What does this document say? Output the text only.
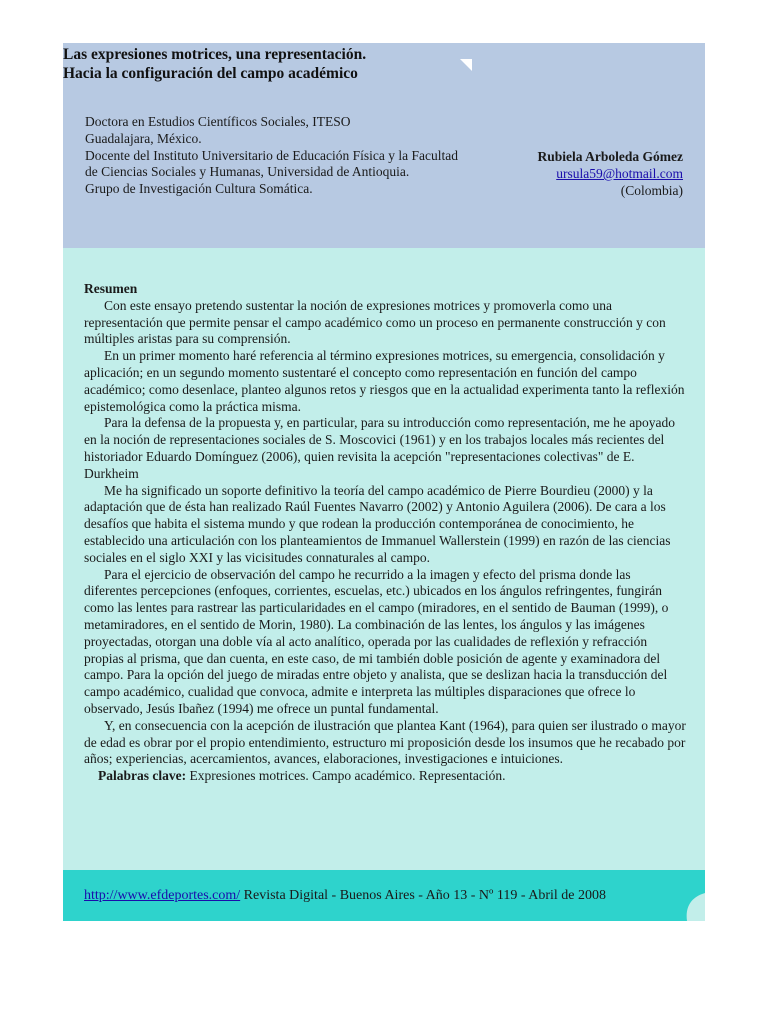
Las expresiones motrices, una representación.
Hacia la configuración del campo académico
Doctora en Estudios Científicos Sociales, ITESO
Guadalajara, México.
Docente del Instituto Universitario de Educación Física y la Facultad
de Ciencias Sociales y Humanas, Universidad de Antioquia.
Grupo de Investigación Cultura Somática.
Rubiela Arboleda Gómez
ursula59@hotmail.com
(Colombia)
Resumen

Con este ensayo pretendo sustentar la noción de expresiones motrices y promoverla como una representación que permite pensar el campo académico como un proceso en permanente construcción y con múltiples aristas para su comprensión.

En un primer momento haré referencia al término expresiones motrices, su emergencia, consolidación y aplicación; en un segundo momento sustentaré el concepto como representación en función del campo académico; como desenlace, planteo algunos retos y riesgos que en la actualidad experimenta tanto la reflexión epistemológica como la práctica misma.

Para la defensa de la propuesta y, en particular, para su introducción como representación, me he apoyado en la noción de representaciones sociales de S. Moscovici (1961) y en los trabajos locales más recientes del historiador Eduardo Domínguez (2006), quien revisita la acepción "representaciones colectivas" de E. Durkheim

Me ha significado un soporte definitivo la teoría del campo académico de Pierre Bourdieu (2000) y la adaptación que de ésta han realizado Raúl Fuentes Navarro (2002) y Antonio Aguilera (2006). De cara a los desafíos que habita el sistema mundo y que rodean la producción contemporánea de conocimiento, he establecido una articulación con los planteamientos de Immanuel Wallerstein (1999) en razón de las ciencias sociales en el siglo XXI y las vicisitudes connaturales al campo.

Para el ejercicio de observación del campo he recurrido a la imagen y efecto del prisma donde las diferentes percepciones (enfoques, corrientes, escuelas, etc.) ubicados en los ángulos refringentes, fungirán como las lentes para rastrear las particularidades en el campo (miradores, en el sentido de Bauman (1999), o metamiradores, en el sentido de Morin, 1980). La combinación de las lentes, los ángulos y las imágenes proyectadas, otorgan una doble vía al acto analítico, operada por las cualidades de reflexión y refracción propias al prisma, que dan cuenta, en este caso, de mi también doble posición de agente y examinadora del campo. Para la opción del juego de miradas entre objeto y analista, que se deslizan hacia la transducción del campo académico, cualidad que convoca, admite e interpreta las múltiples disparaciones que ofrece lo observado, Jesús Ibañez (1994) me ofrece un puntal fundamental.

Y, en consecuencia con la acepción de ilustración que plantea Kant (1964), para quien ser ilustrado o mayor de edad es obrar por el propio entendimiento, estructuro mi proposición desde los insumos que he recabado por años; experiencias, acercamientos, avances, elaboraciones, investigaciones e intuiciones.

Palabras clave: Expresiones motrices. Campo académico. Representación.

http://www.efdeportes.com/ Revista Digital - Buenos Aires - Año 13 - Nº 119 - Abril de 2008
